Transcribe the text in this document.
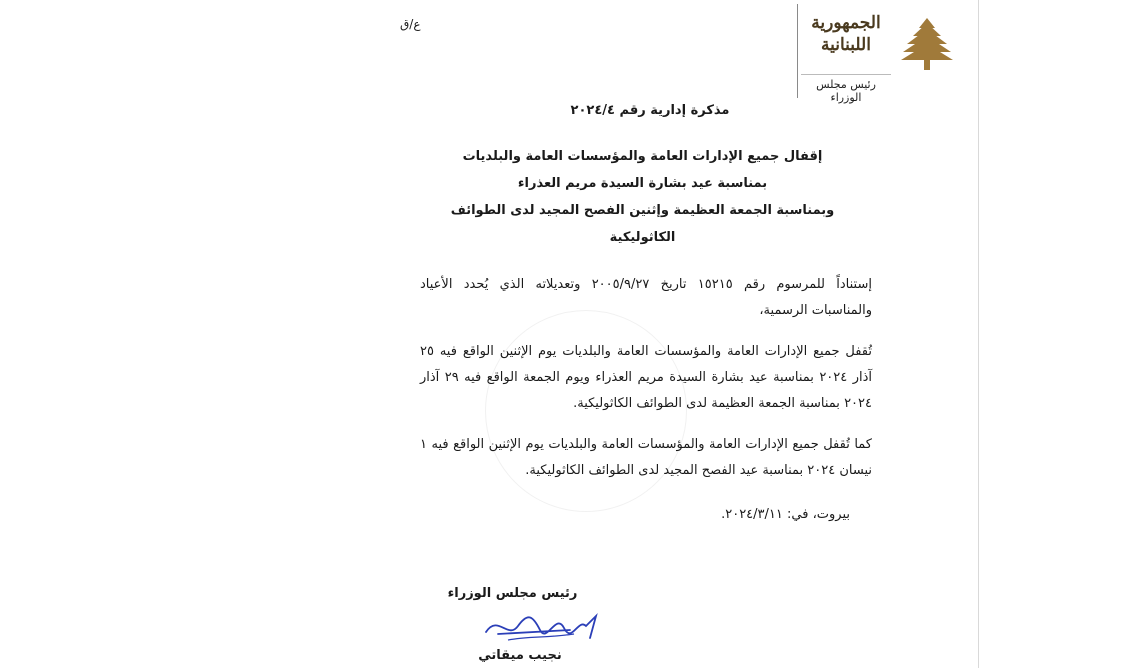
ع/ق	الجمهورية اللبنانية
رئيس مجلس الوزراء
مذكرة إدارية رقم ٢٠٢٤/٤
إقفال جميع الإدارات العامة والمؤسسات العامة والبلديات
بمناسبة عيد بشارة السيدة مريم العذراء
وبمناسبة الجمعة العظيمة وإثنين الفصح المجيد لدى الطوائف الكاثوليكية

إستناداً للمرسوم رقم ١٥٢١٥ تاريخ ٢٠٠٥/٩/٢٧ وتعديلاته الذي يُحدد الأعياد والمناسبات الرسمية،

تُقفل جميع الإدارات العامة والمؤسسات العامة والبلديات يوم الإثنين الواقع فيه ٢٥ آذار ٢٠٢٤ بمناسبة عيد بشارة السيدة مريم العذراء ويوم الجمعة الواقع فيه ٢٩ آذار ٢٠٢٤ بمناسبة الجمعة العظيمة لدى الطوائف الكاثوليكية.

كما تُقفل جميع الإدارات العامة والمؤسسات العامة والبلديات يوم الإثنين الواقع فيه ١ نيسان ٢٠٢٤ بمناسبة عيد الفصح المجيد لدى الطوائف الكاثوليكية.

بيروت، في: ٢٠٢٤/٣/١١.
رئيس مجلس الوزراء
نجيب ميقاتي
